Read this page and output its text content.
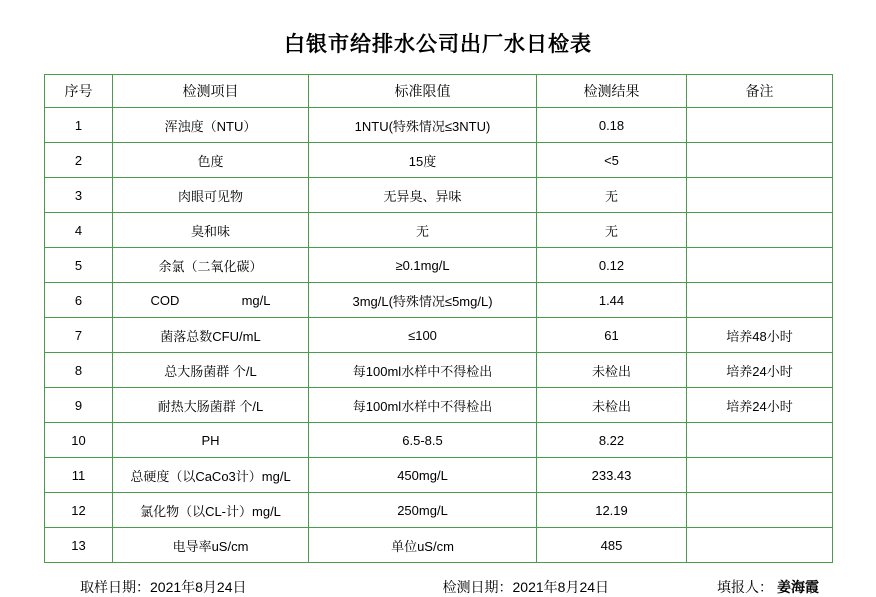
白银市给排水公司出厂水日检表
序号	检测项目	标准限值	检测结果	备注
1	浑浊度（NTU）	1NTU(特殊情况≤3NTU)	0.18	
2	色度	15度	<5	
3	肉眼可见物	无异臭、异味	无	
4	臭和味	无	无	
5	余氯（二氧化碳）	≥0.1mg/L	0.12	
6	COD mg/L	3mg/L(特殊情况≤5mg/L)	1.44	
7	菌落总数CFU/mL	≤100	61	培养48小时
8	总大肠菌群 个/L	每100ml水样中不得检出	未检出	培养24小时
9	耐热大肠菌群 个/L	每100ml水样中不得检出	未检出	培养24小时
10	PH	6.5-8.5	8.22	
11	总硬度（以CaCo3计）mg/L	450mg/L	233.43	
12	氯化物（以CL-计）mg/L	250mg/L	12.19	
13	电导率uS/cm	单位uS/cm	485	
取样日期： 2021年8月24日	检测日期： 2021年8月24日	填报人： 姜海霞
